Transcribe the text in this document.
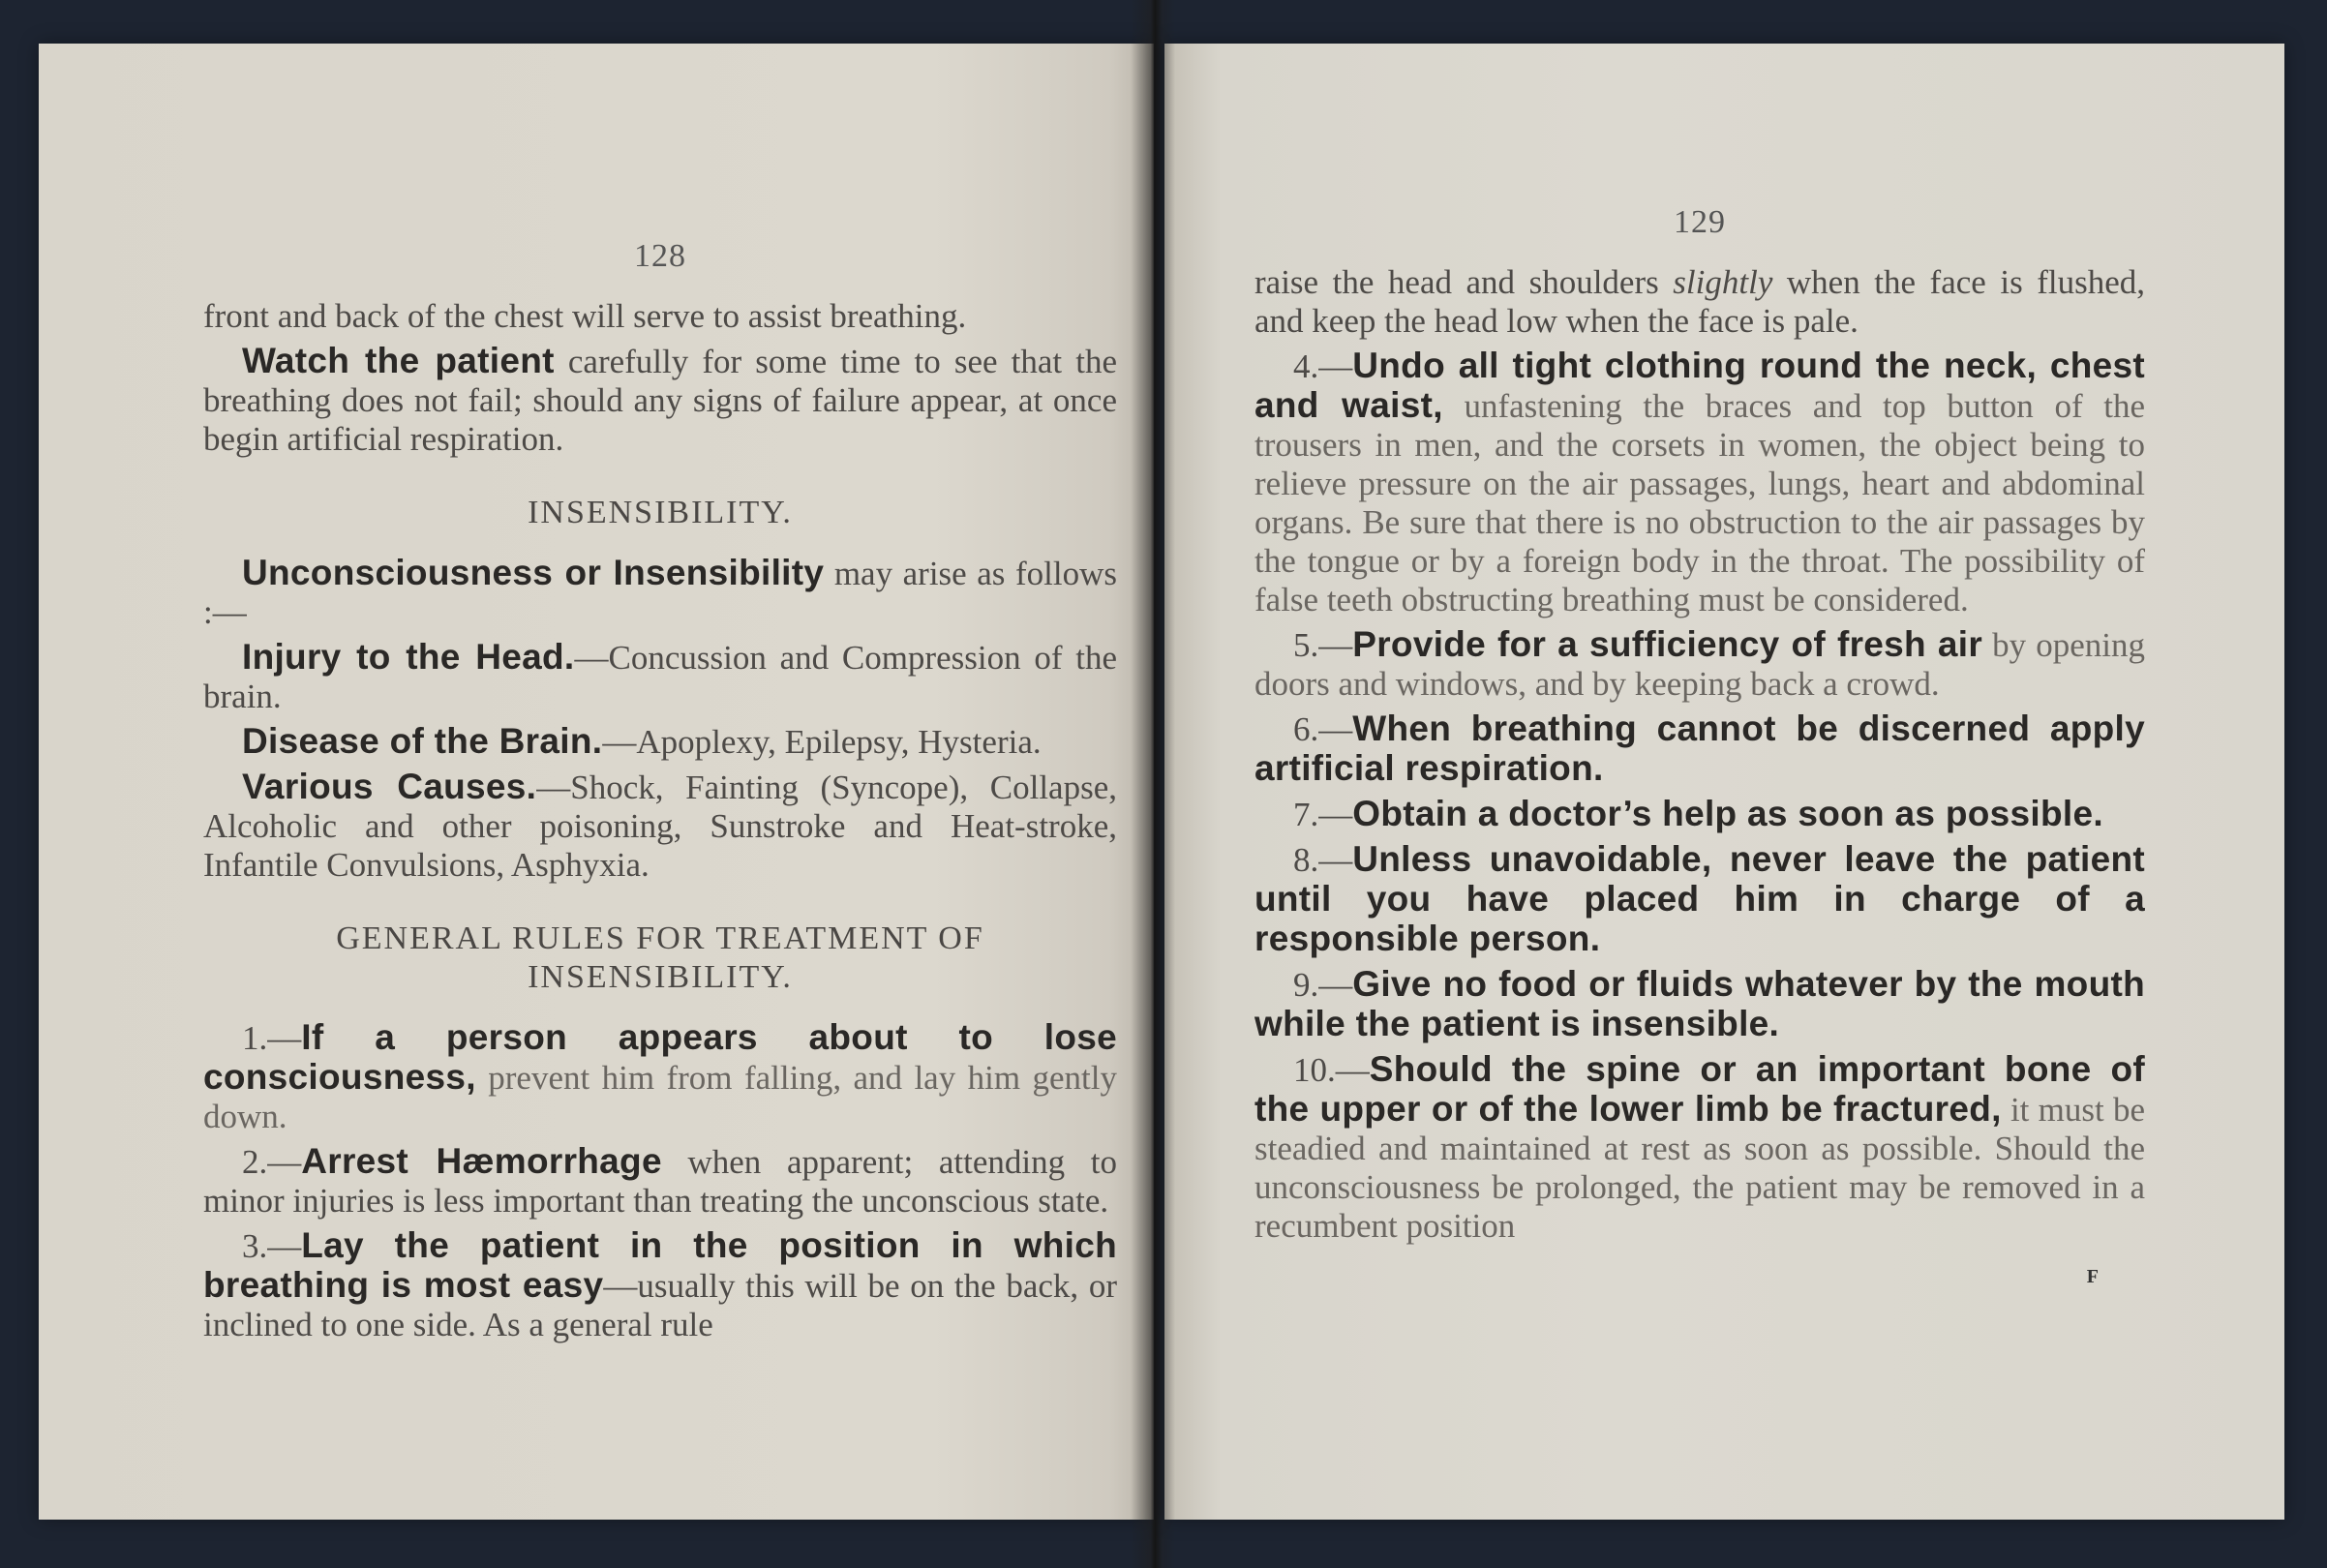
128

front and back of the chest will serve to assist breathing.

Watch the patient carefully for some time to see that the breathing does not fail; should any signs of failure appear, at once begin artificial respiration.

INSENSIBILITY.

Unconsciousness or Insensibility may arise as follows :—

Injury to the Head.—Concussion and Compression of the brain.

Disease of the Brain.—Apoplexy, Epilepsy, Hysteria.

Various Causes.—Shock, Fainting (Syncope), Collapse, Alcoholic and other poisoning, Sunstroke and Heat-stroke, Infantile Convulsions, Asphyxia.

GENERAL RULES FOR TREATMENT OF INSENSIBILITY.

1.—If a person appears about to lose consciousness, prevent him from falling, and lay him gently down.

2.—Arrest Hæmorrhage when apparent; attending to minor injuries is less important than treating the unconscious state.

3.—Lay the patient in the position in which breathing is most easy—usually this will be on the back, or inclined to one side. As a general rule

129

raise the head and shoulders slightly when the face is flushed, and keep the head low when the face is pale.

4.—Undo all tight clothing round the neck, chest and waist, unfastening the braces and top button of the trousers in men, and the corsets in women, the object being to relieve pressure on the air passages, lungs, heart and abdominal organs. Be sure that there is no obstruction to the air passages by the tongue or by a foreign body in the throat. The possibility of false teeth obstructing breathing must be considered.

5.—Provide for a sufficiency of fresh air by opening doors and windows, and by keeping back a crowd.

6.—When breathing cannot be discerned apply artificial respiration.

7.—Obtain a doctor’s help as soon as possible.

8.—Unless unavoidable, never leave the patient until you have placed him in charge of a responsible person.

9.—Give no food or fluids whatever by the mouth while the patient is insensible.

10.—Should the spine or an important bone of the upper or of the lower limb be fractured, it must be steadied and maintained at rest as soon as possible. Should the unconsciousness be prolonged, the patient may be removed in a recumbent position

F
